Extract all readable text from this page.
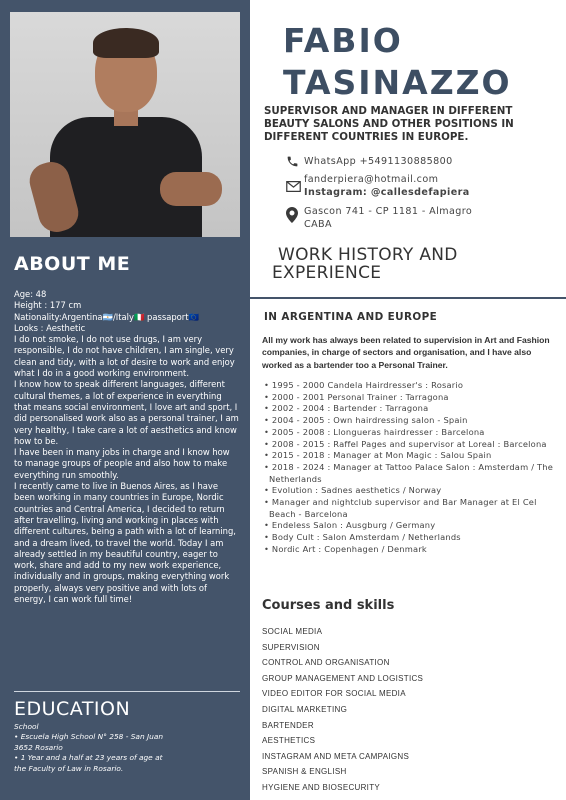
ABOUT ME
Age: 48
Height : 177 cm
Nationality:Argentina🇦🇷/Italy🇮🇹 passaport🇪🇺
Looks : Aesthetic
I do not smoke, I do not use drugs, I am very responsible, I do not have children, I am single, very clean and tidy, with a lot of desire to work and enjoy what I do in a good working environment.
I know how to speak different languages, different cultural themes, a lot of experience in everything that means social environment, I love art and sport, I did personalised work also as a personal trainer, I am very healthy, I take care a lot of aesthetics and know how to be.
I have been in many jobs in charge and I know how to manage groups of people and also how to make everything run smoothly.
I recently came to live in Buenos Aires, as I have been working in many countries in Europe, Nordic countries and Central America, I decided to return after travelling, living and working in places with different cultures, being a path with a lot of learning, and a dream lived, to travel the world. Today I am already settled in my beautiful country, eager to work, share and add to my new work experience, individually and in groups, making everything work properly, always very positive and with lots of energy, I can work full time!
EDUCATION
School
• Escuela High School N° 258 - San Juan 3652 Rosario
• 1 Year and a half at 23 years of age at the Faculty of Law in Rosario.
FABIO
TASINAZZO
SUPERVISOR AND MANAGER IN DIFFERENT BEAUTY SALONS AND OTHER POSITIONS IN DIFFERENT COUNTRIES IN EUROPE.
WhatsApp +5491130885800
fanderpiera@hotmail.com
Instagram: @callesdefapiera
Gascon 741 - CP 1181 - Almagro
CABA
WORK HISTORY AND
EXPERIENCE
IN ARGENTINA AND EUROPE
All my work has always been related to supervision in Art and Fashion companies, in charge of sectors and organisation, and I have also worked as a bartender too a Personal Trainer.
• 1995 - 2000 Candela Hairdresser's : Rosario
• 2000 - 2001 Personal Trainer : Tarragona
• 2002 - 2004 : Bartender : Tarragona
• 2004 - 2005 : Own hairdressing salon - Spain
• 2005 - 2008 : Llongueras hairdresser : Barcelona
• 2008 - 2015 : Raffel Pages and supervisor at Loreal : Barcelona
• 2015 - 2018 : Manager at Mon Magic : Salou Spain
• 2018 - 2024 : Manager at Tattoo Palace Salon : Amsterdam / The Netherlands
• Evolution : Sadnes aesthetics / Norway
• Manager and nightclub supervisor and Bar Manager at El Cel Beach - Barcelona
• Endeless Salon : Ausgburg / Germany
• Body Cult : Salon Amsterdam / Netherlands
• Nordic Art : Copenhagen / Denmark
Courses and skills
SOCIAL MEDIA
SUPERVISION
CONTROL AND ORGANISATION
GROUP MANAGEMENT AND LOGISTICS
VIDEO EDITOR FOR SOCIAL MEDIA
DIGITAL MARKETING
BARTENDER
AESTHETICS
INSTAGRAM AND META CAMPAIGNS
SPANISH & ENGLISH
HYGIENE AND BIOSECURITY
